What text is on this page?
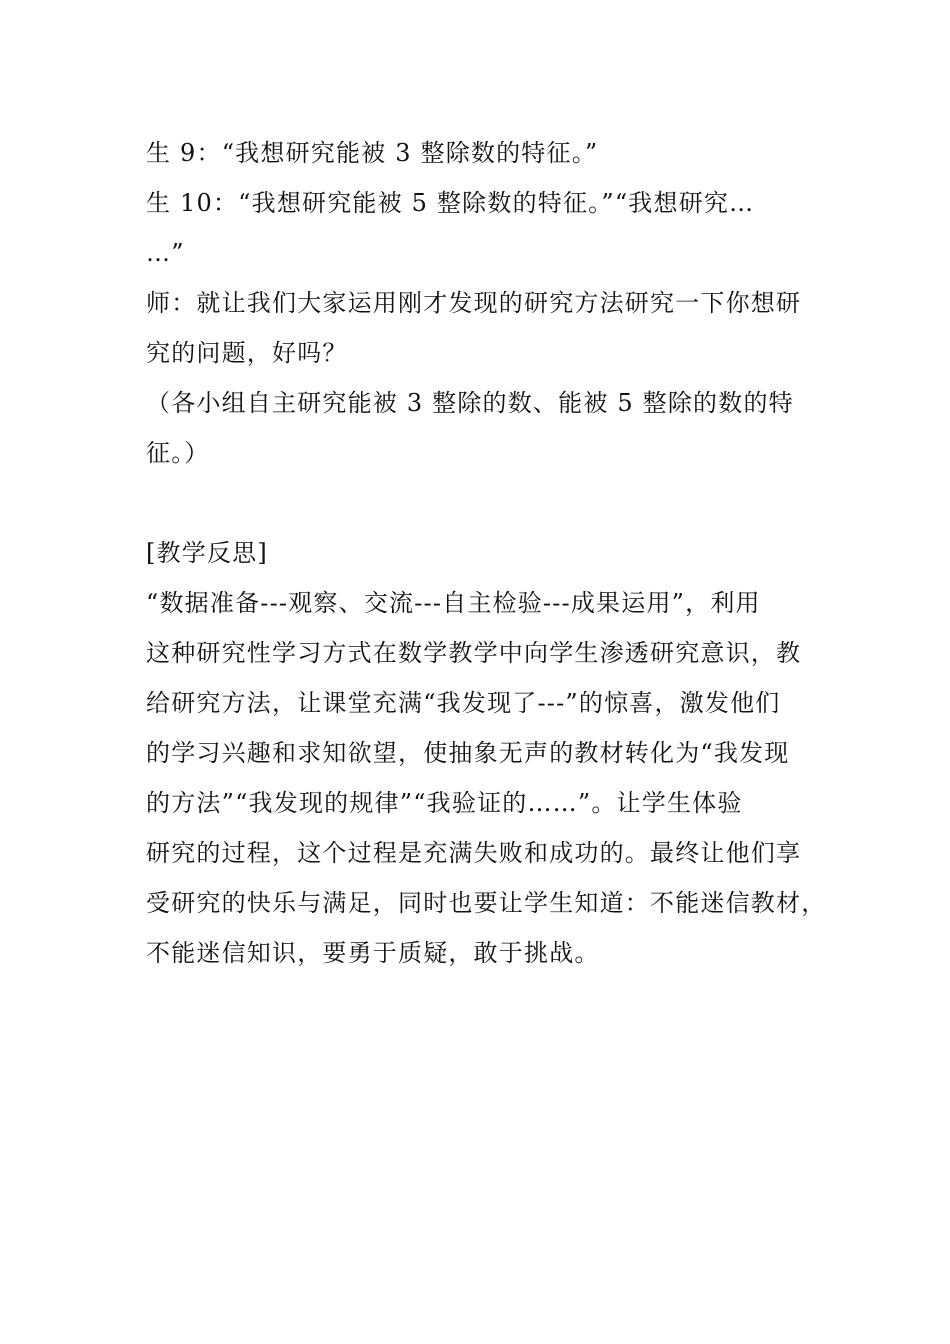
生 9：“我想研究能被 3 整除数的特征。”
生 10：“我想研究能被 5 整除数的特征。”“我想研究…
…”
师：就让我们大家运用刚才发现的研究方法研究一下你想研
究的问题，好吗？
（各小组自主研究能被 3 整除的数、能被 5 整除的数的特
征。）
[教学反思]
“数据准备---观察、交流---自主检验---成果运用”，利用
这种研究性学习方式在数学教学中向学生渗透研究意识，教
给研究方法，让课堂充满“我发现了---”的惊喜，激发他们
的学习兴趣和求知欲望，使抽象无声的教材转化为“我发现
的方法”“我发现的规律”“我验证的……”。让学生体验
研究的过程，这个过程是充满失败和成功的。最终让他们享
受研究的快乐与满足，同时也要让学生知道：不能迷信教材，
不能迷信知识，要勇于质疑，敢于挑战。
